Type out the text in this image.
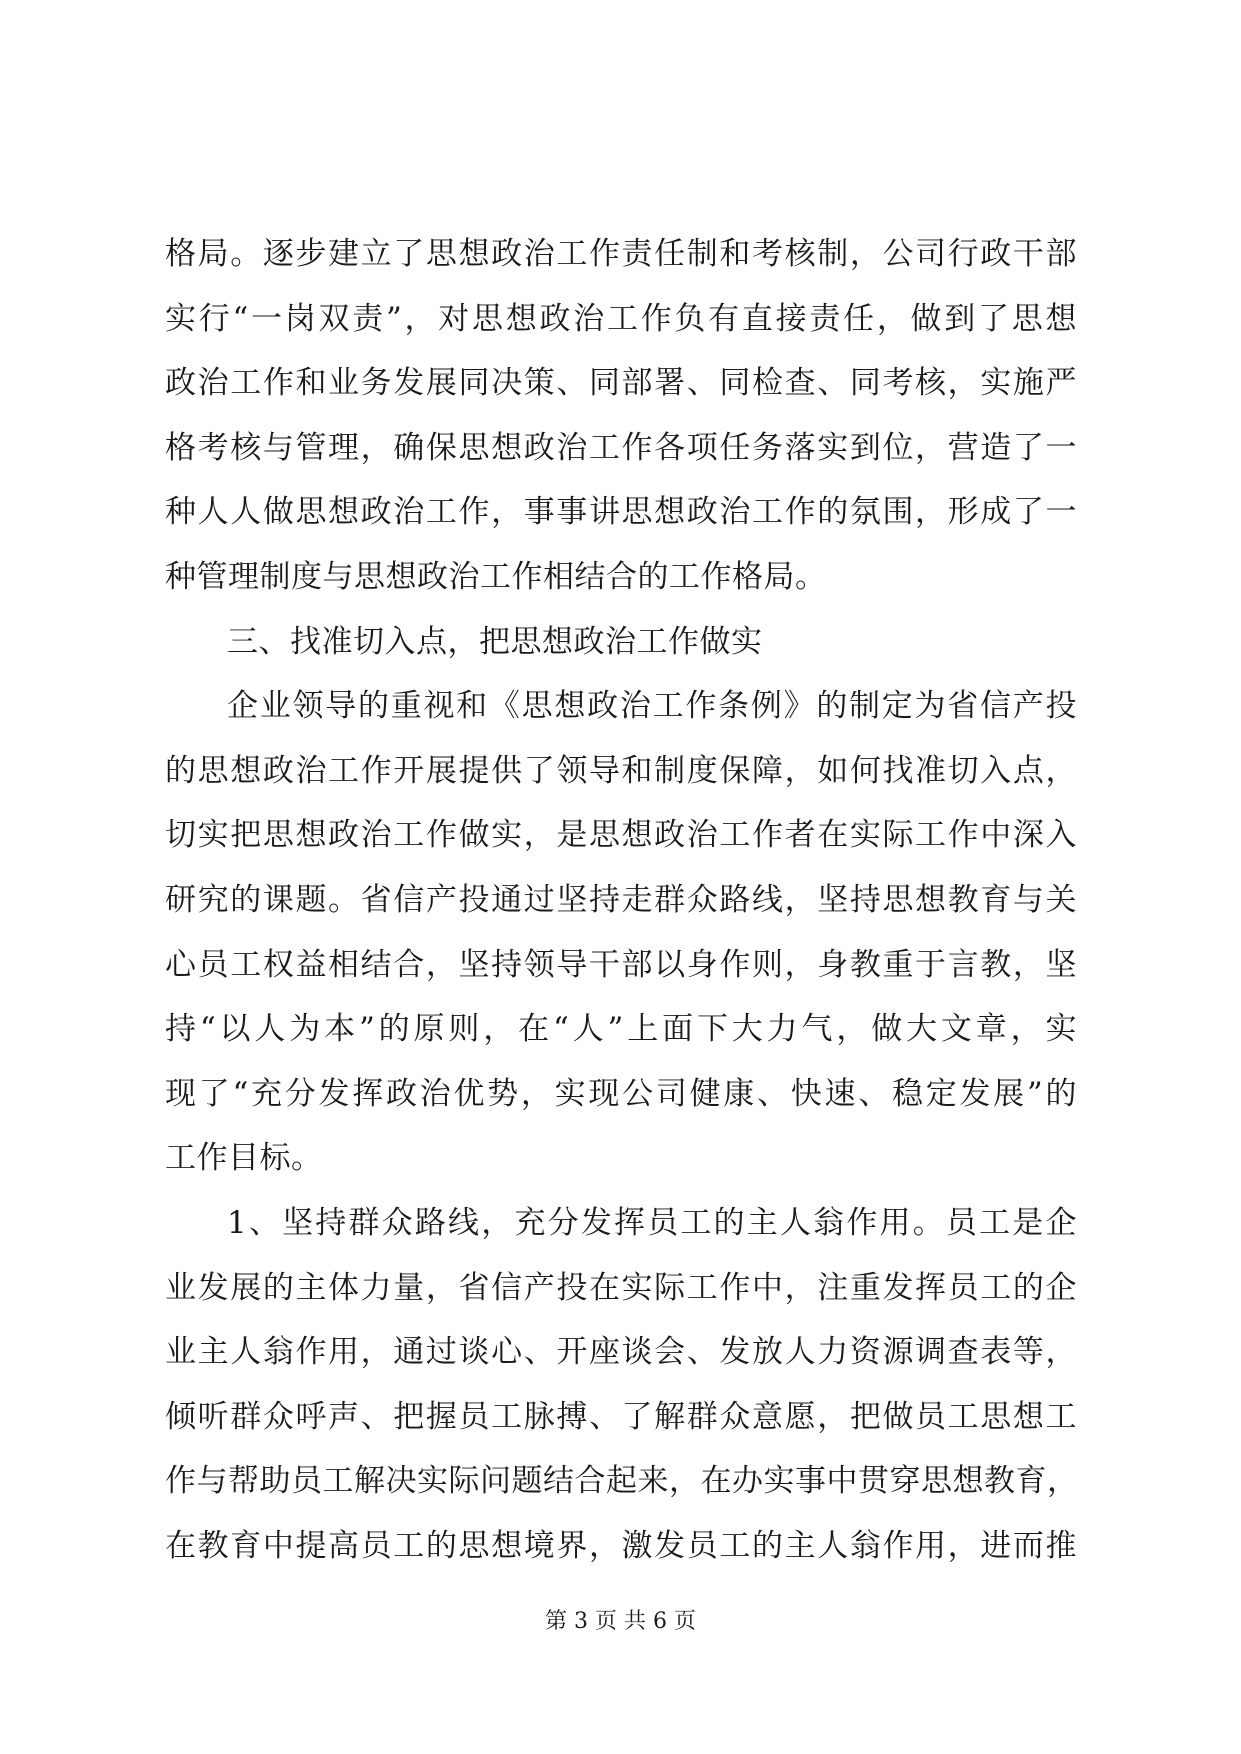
格局。逐步建立了思想政治工作责任制和考核制，公司行政干部
实行“一岗双责”，对思想政治工作负有直接责任，做到了思想
政治工作和业务发展同决策、同部署、同检查、同考核，实施严
格考核与管理，确保思想政治工作各项任务落实到位，营造了一
种人人做思想政治工作，事事讲思想政治工作的氛围，形成了一
种管理制度与思想政治工作相结合的工作格局。
三、找准切入点，把思想政治工作做实
企业领导的重视和《思想政治工作条例》的制定为省信产投
的思想政治工作开展提供了领导和制度保障，如何找准切入点，
切实把思想政治工作做实，是思想政治工作者在实际工作中深入
研究的课题。省信产投通过坚持走群众路线，坚持思想教育与关
心员工权益相结合，坚持领导干部以身作则，身教重于言教，坚
持“以人为本”的原则，在“人”上面下大力气，做大文章，实
现了“充分发挥政治优势，实现公司健康、快速、稳定发展”的
工作目标。
1、坚持群众路线，充分发挥员工的主人翁作用。员工是企
业发展的主体力量，省信产投在实际工作中，注重发挥员工的企
业主人翁作用，通过谈心、开座谈会、发放人力资源调查表等，
倾听群众呼声、把握员工脉搏、了解群众意愿，把做员工思想工
作与帮助员工解决实际问题结合起来，在办实事中贯穿思想教育，
在教育中提高员工的思想境界，激发员工的主人翁作用，进而推
第 3 页 共 6 页
